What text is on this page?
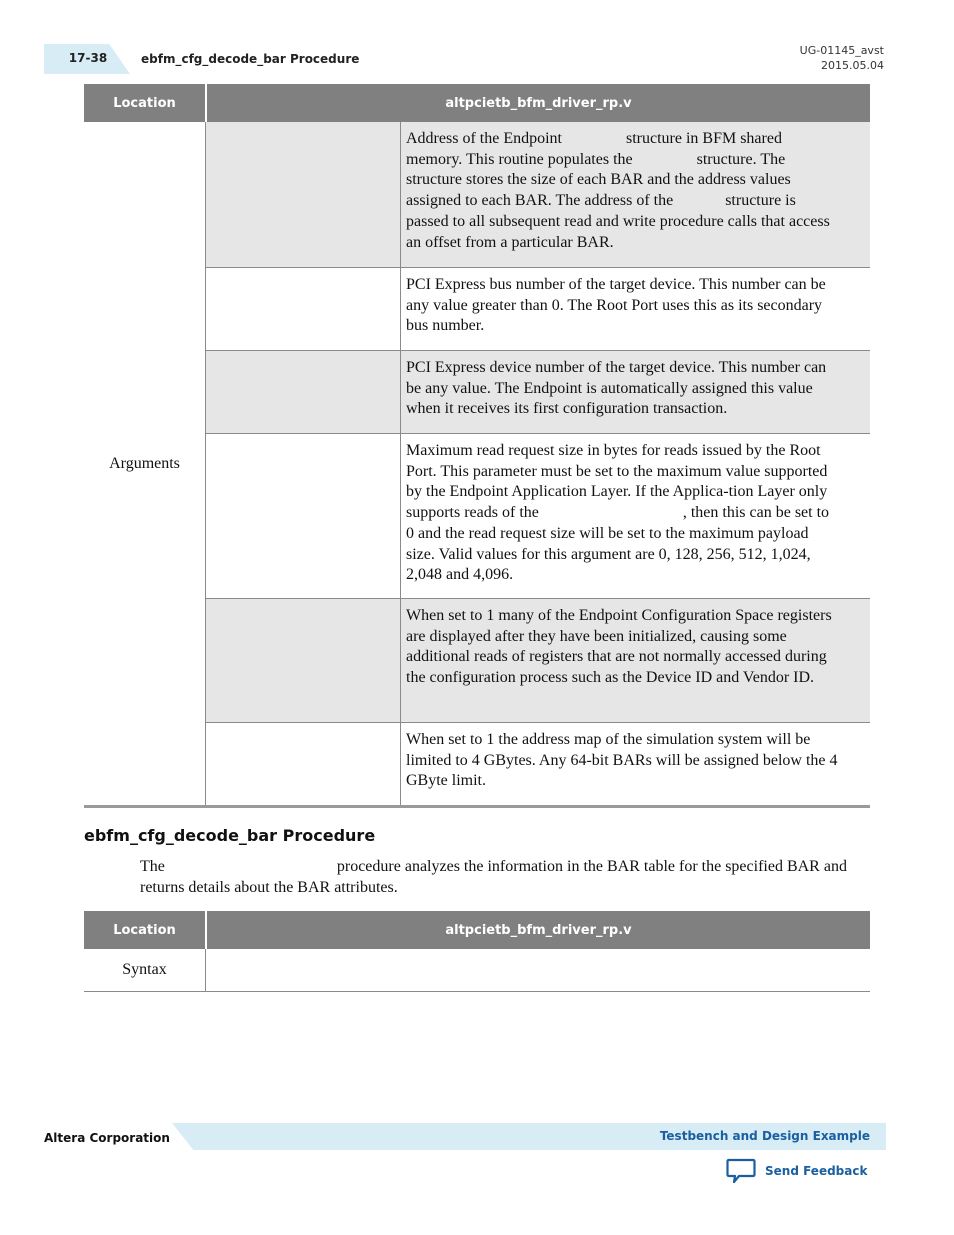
17-38	ebfm_cfg_decode_bar Procedure
UG-01145_avst
2015.05.04
Location	altpcietb_bfm_driver_rp.v
Arguments
Address of the Endpoint                structure in BFM shared memory. This routine populates the                structure. The                structure stores the size of each BAR and the address values assigned to each BAR. The address of the             structure is passed to all subsequent read and write procedure calls that access an offset from a particular BAR.
PCI Express bus number of the target device. This number can be any value greater than 0. The Root Port uses this as its secondary bus number.
PCI Express device number of the target device. This number can be any value. The Endpoint is automatically assigned this value when it receives its first configuration transaction.
Maximum read request size in bytes for reads issued by the Root Port. This parameter must be set to the maximum value supported by the Endpoint Application Layer. If the Applica-tion Layer only supports reads of the                                    , then this can be set to 0 and the read request size will be set to the maximum payload size. Valid values for this argument are 0, 128, 256, 512, 1,024, 2,048 and 4,096.
When set to 1 many of the Endpoint Configuration Space registers are displayed after they have been initialized, causing some additional reads of registers that are not normally accessed during the configuration process such as the Device ID and Vendor ID.
When set to 1 the address map of the simulation system will be limited to 4 GBytes. Any 64-bit BARs will be assigned below the 4 GByte limit.
ebfm_cfg_decode_bar Procedure
The	procedure analyzes the information in the BAR table for the specified BAR and returns details about the BAR attributes.
Location	altpcietb_bfm_driver_rp.v
Syntax
Altera Corporation	Testbench and Design Example
Send Feedback
